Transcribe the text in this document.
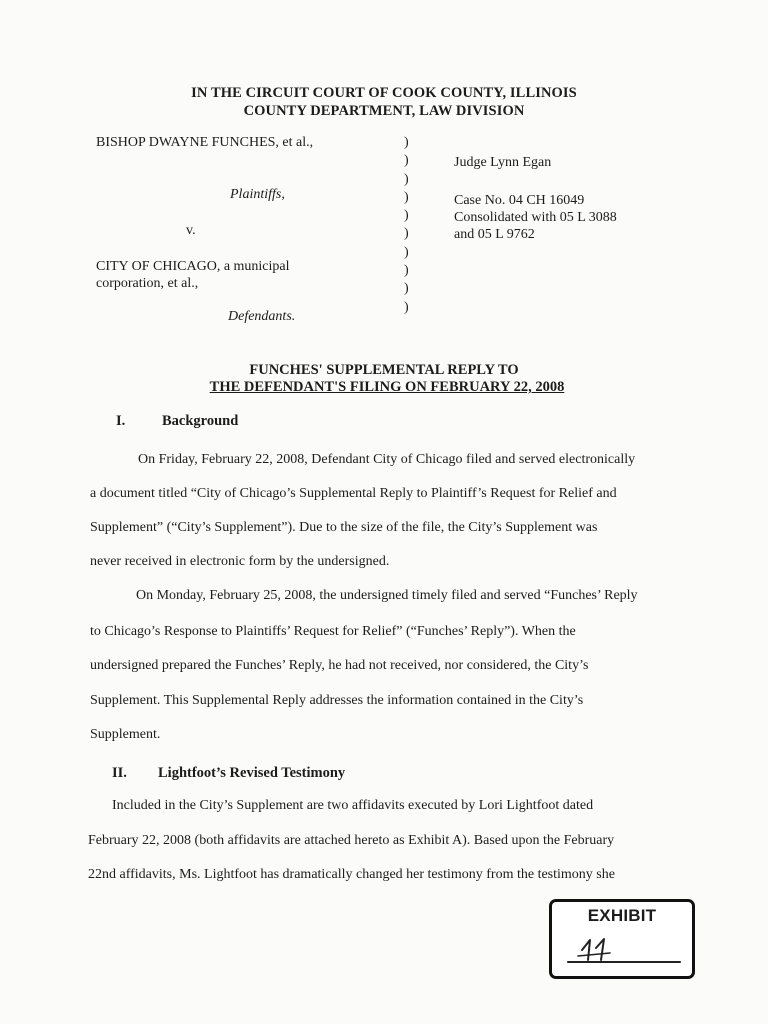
IN THE CIRCUIT COURT OF COOK COUNTY, ILLINOIS
COUNTY DEPARTMENT, LAW DIVISION
BISHOP DWAYNE FUNCHES, et al.,
Plaintiffs,
v.
CITY OF CHICAGO, a municipal
corporation, et al.,
Defendants.
)
)
)
)
)
)
)
)
)
)
Judge Lynn Egan
Case No. 04 CH 16049
Consolidated with 05 L 3088
and 05 L 9762
FUNCHES' SUPPLEMENTAL REPLY TO
THE DEFENDANT'S FILING ON FEBRUARY 22, 2008
I.	Background
On Friday, February 22, 2008, Defendant City of Chicago filed and served electronically
a document titled “City of Chicago’s Supplemental Reply to Plaintiff’s Request for Relief and
Supplement” (“City’s Supplement”). Due to the size of the file, the City’s Supplement was
never received in electronic form by the undersigned.
On Monday, February 25, 2008, the undersigned timely filed and served “Funches’ Reply
to Chicago’s Response to Plaintiffs’ Request for Relief” (“Funches’ Reply”). When the
undersigned prepared the Funches’ Reply, he had not received, nor considered, the City’s
Supplement. This Supplemental Reply addresses the information contained in the City’s
Supplement.
II. Lightfoot’s Revised Testimony
Included in the City’s Supplement are two affidavits executed by Lori Lightfoot dated
February 22, 2008 (both affidavits are attached hereto as Exhibit A). Based upon the February
22nd affidavits, Ms. Lightfoot has dramatically changed her testimony from the testimony she
EXHIBIT
